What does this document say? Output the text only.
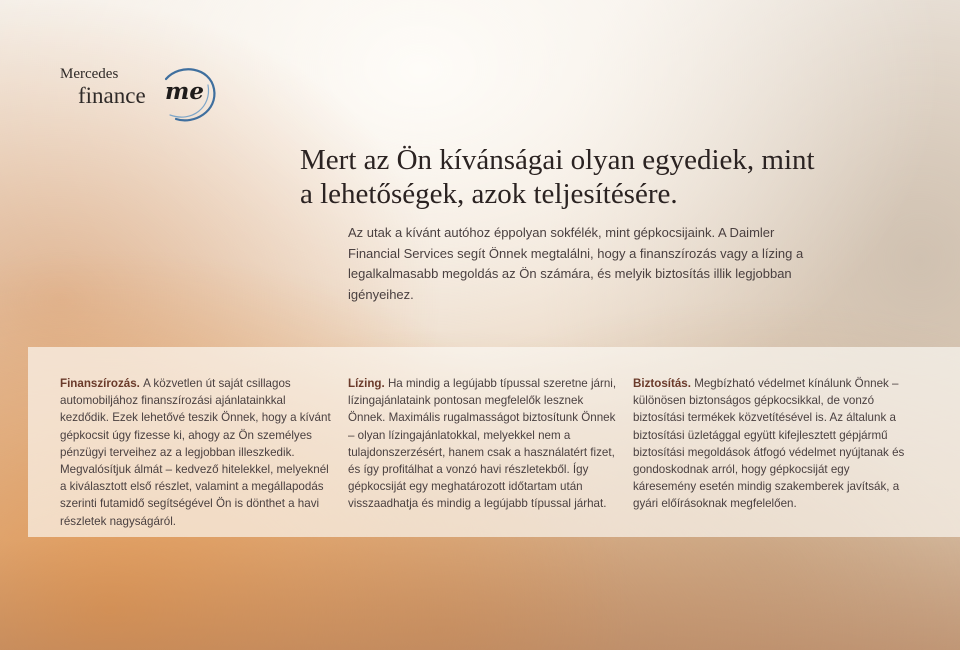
Mercedes
finance me
Mert az Ön kívánságai olyan egyediek, mint
a lehetőségek, azok teljesítésére.

Az utak a kívánt autóhoz éppolyan sokfélék, mint gépkocsijaink. A Daimler Financial Services segít Önnek megtalálni, hogy a finanszírozás vagy a lízing a legalkalmasabb megoldás az Ön számára, és melyik biztosítás illik legjobban igényeihez.

Finanszírozás. A közvetlen út saját csillagos automobiljához finanszírozási ajánlatainkkal kezdődik. Ezek lehetővé teszik Önnek, hogy a kívánt gépkocsit úgy fizesse ki, ahogy az Ön személyes pénzügyi terveihez az a legjobban illeszkedik. Megvalósítjuk álmát – kedvező hitelekkel, melyeknél a kiválasztott első részlet, valamint a megállapodás szerinti futamidő segítségével Ön is dönthet a havi részletek nagyságáról.

Lízing. Ha mindig a legújabb típussal szeretne járni, lízingajánlataink pontosan megfelelők lesznek Önnek. Maximális rugalmasságot biztosítunk Önnek – olyan lízingajánlatokkal, melyekkel nem a tulajdonszerzésért, hanem csak a használatért fizet, és így profitálhat a vonzó havi részletekből. Így gépkocsiját egy meghatározott időtartam után visszaadhatja és mindig a legújabb típussal járhat.

Biztosítás. Megbízható védelmet kínálunk Önnek – különösen biztonságos gépkocsikkal, de vonzó biztosítási termékek közvetítésével is. Az általunk a biztosítási üzletággal együtt kifejlesztett gépjármű biztosítási megoldások átfogó védelmet nyújtanak és gondoskodnak arról, hogy gépkocsiját egy káresemény esetén mindig szakemberek javítsák, a gyári előírásoknak megfelelően.
